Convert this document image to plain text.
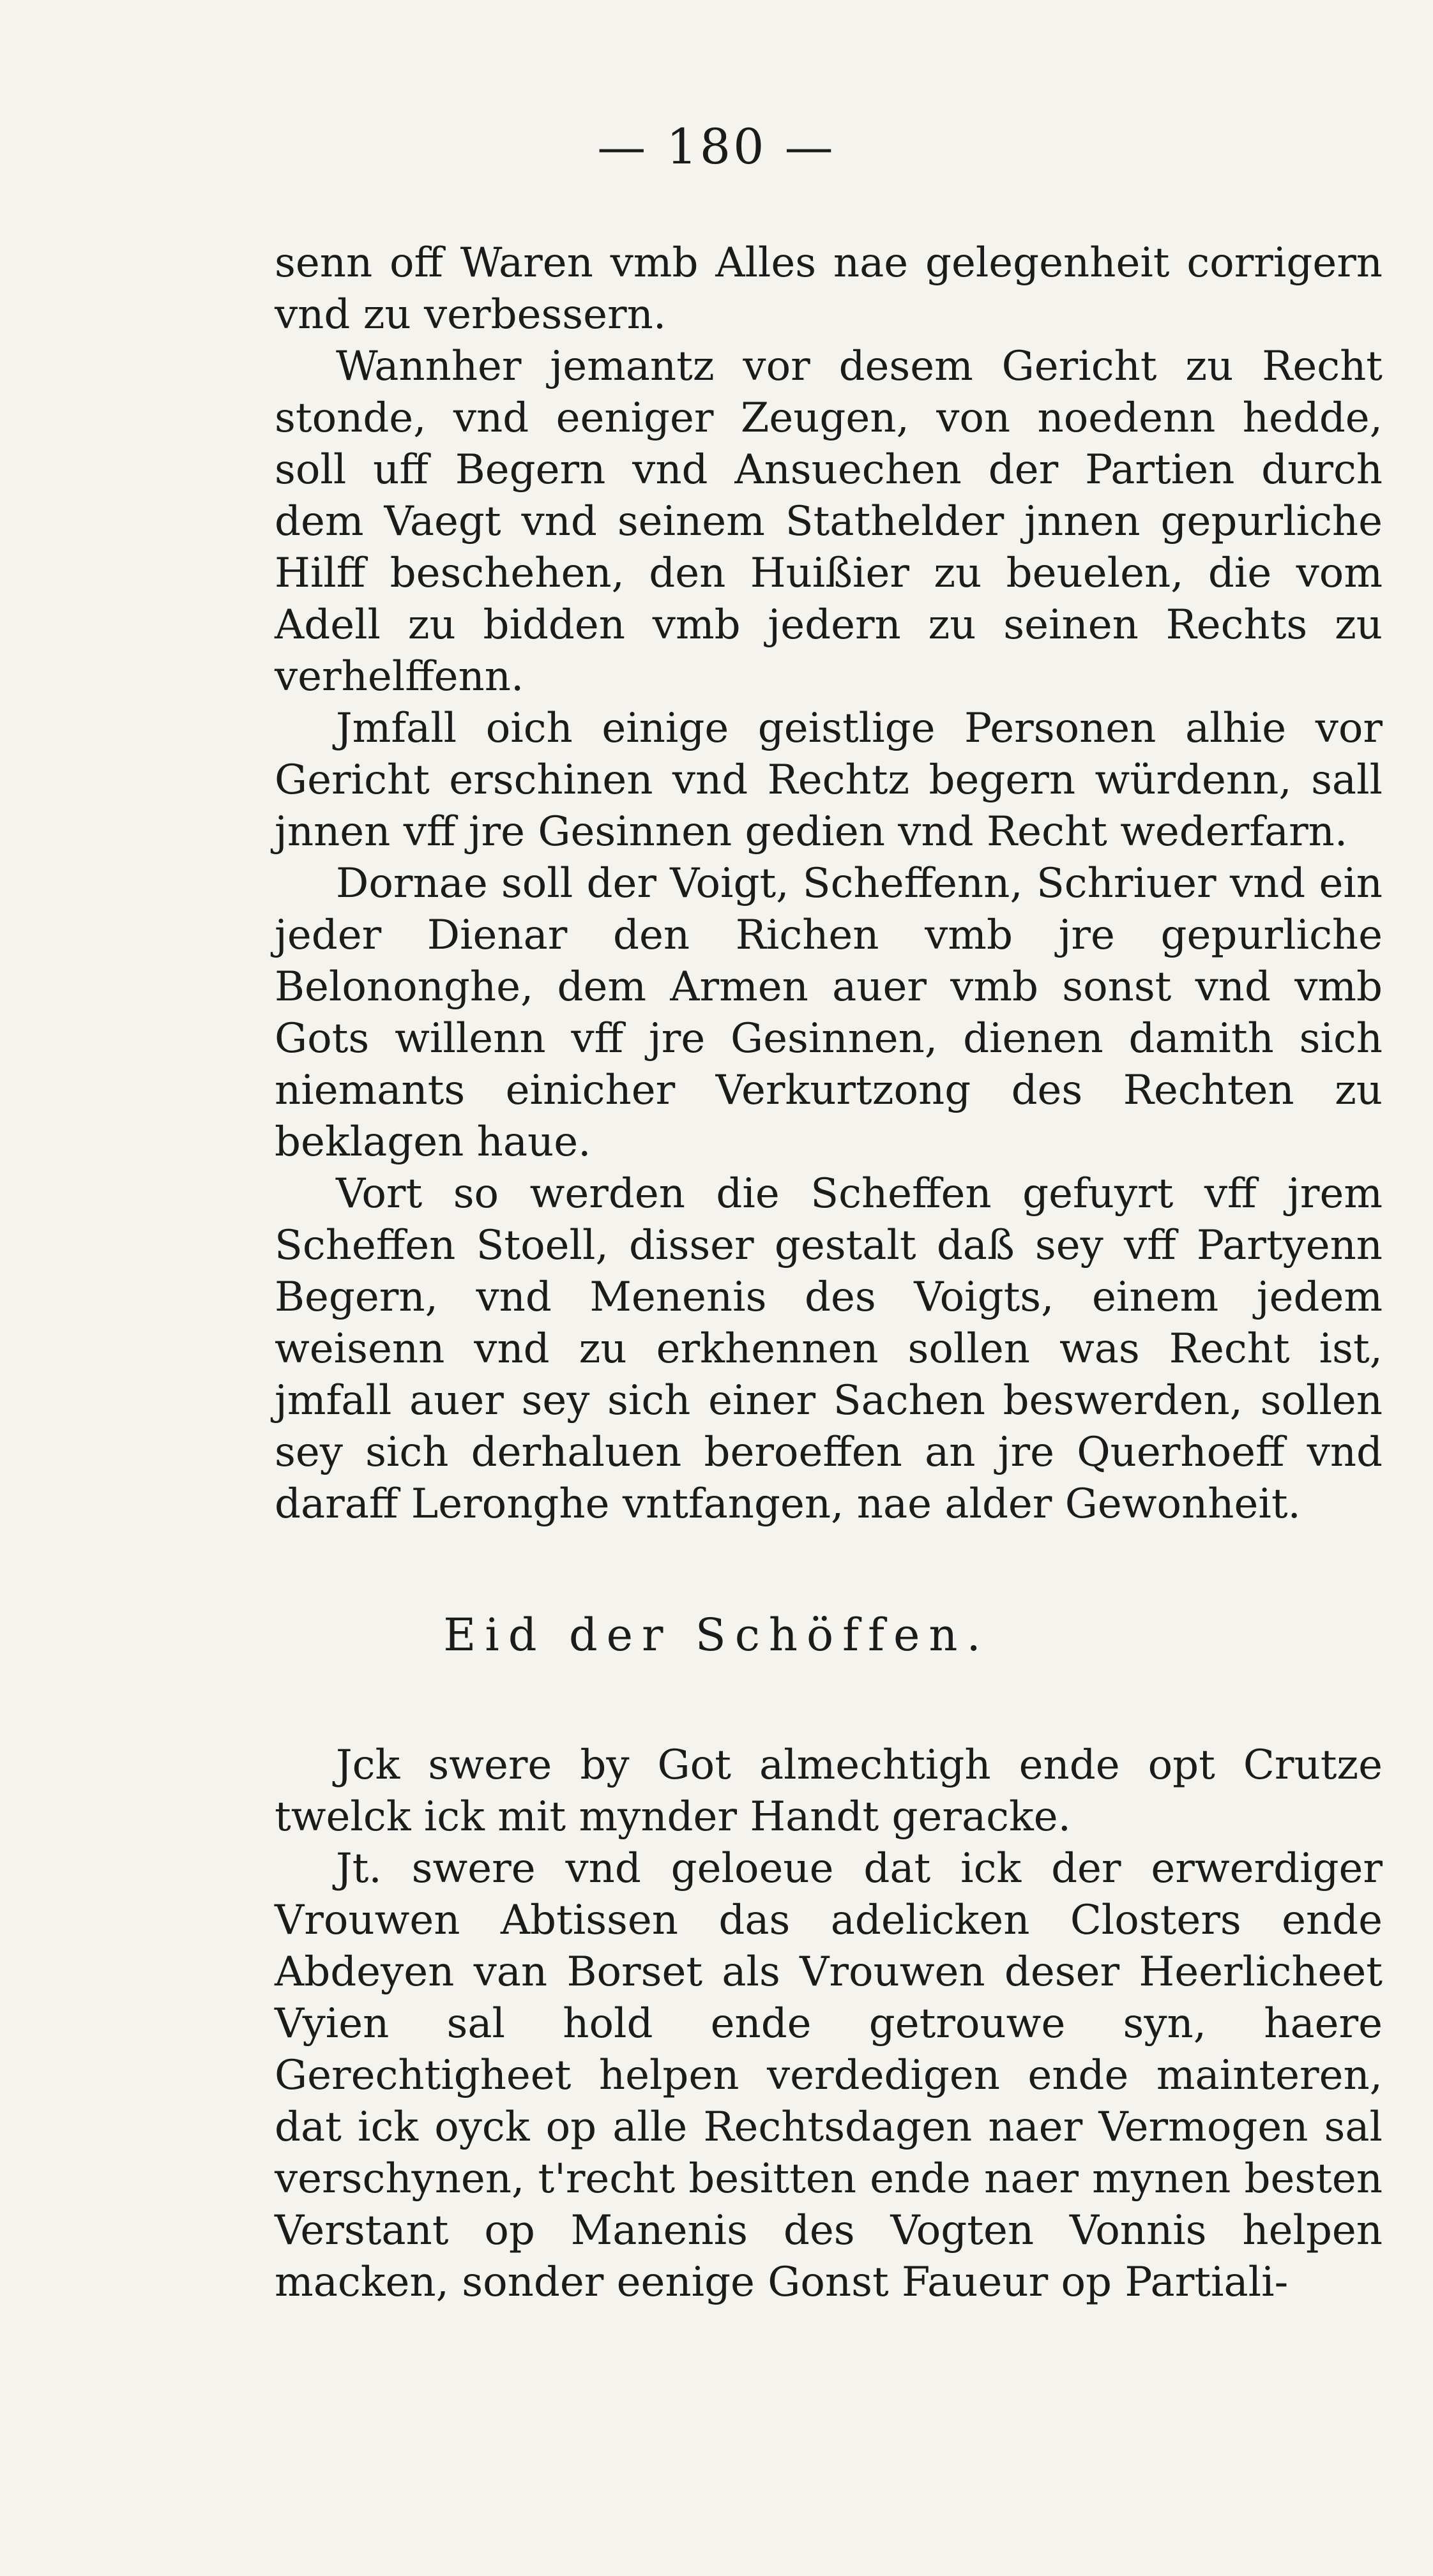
— 180 —

senn off Waren vmb Alles nae gelegenheit corrigern vnd zu verbessern.

Wannher jemantz vor desem Gericht zu Recht stonde, vnd eeniger Zeugen, von noedenn hedde, soll uff Begern vnd Ansuechen der Partien durch dem Vaegt vnd seinem Stathelder jnnen gepurliche Hilff beschehen, den Huißier zu beuelen, die vom Adell zu bidden vmb jedern zu seinen Rechts zu verhelffenn.

Jmfall oich einige geistlige Personen alhie vor Gericht erschinen vnd Rechtz begern würdenn, sall jnnen vff jre Gesinnen gedien vnd Recht wederfarn.

Dornae soll der Voigt, Scheffenn, Schriuer vnd ein jeder Dienar den Richen vmb jre gepurliche Belononghe, dem Armen auer vmb sonst vnd vmb Gots willenn vff jre Gesinnen, dienen damith sich niemants einicher Verkurtzong des Rechten zu beklagen haue.

Vort so werden die Scheffen gefuyrt vff jrem Scheffen Stoell, disser gestalt daß sey vff Partyenn Begern, vnd Menenis des Voigts, einem jedem weisenn vnd zu erkhennen sollen was Recht ist, jmfall auer sey sich einer Sachen beswerden, sollen sey sich derhaluen beroeffen an jre Querhoeff vnd daraff Leronghe vntfangen, nae alder Gewonheit.

Eid der Schöffen.

Jck swere by Got almechtigh ende opt Crutze twelck ick mit mynder Handt geracke.

Jt. swere vnd geloeue dat ick der erwerdiger Vrouwen Abtissen das adelicken Closters ende Abdeyen van Borset als Vrouwen deser Heerlicheet Vyien sal hold ende getrouwe syn, haere Gerechtigheet helpen verdedigen ende mainteren, dat ick oyck op alle Rechtsdagen naer Vermogen sal verschynen, t'recht besitten ende naer mynen besten Verstant op Manenis des Vogten Vonnis helpen macken, sonder eenige Gonst Faueur op Partiali-
